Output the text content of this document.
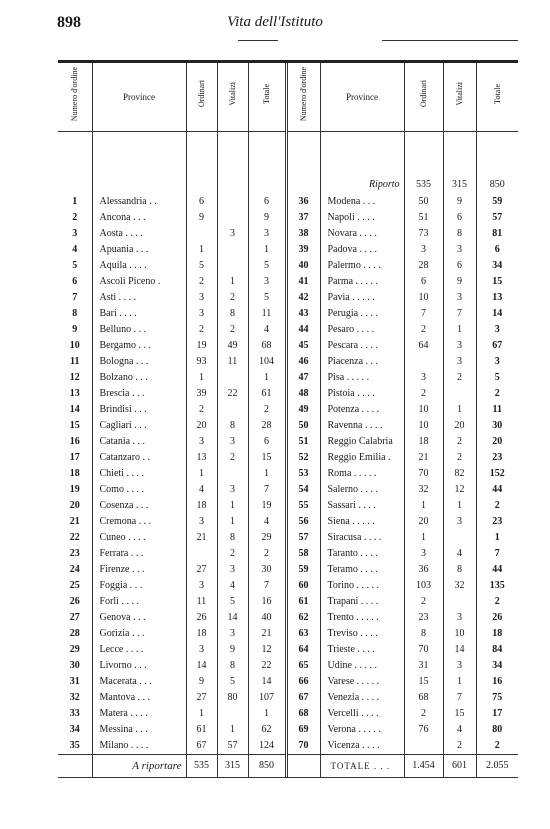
898	Vita dell'Istituto
Numero d'ordine	Province	Ordinari	Vitalizi	Totale	Numero d'ordine	Province	Ordinari	Vitalizi	Totale

						Riporto	535	315	850
1	Alessandria . .	6		6	36	Modena . . .	50	9	59
2	Ancona . . .	9		9	37	Napoli . . . .	51	6	57
3	Aosta . . . .		3	3	38	Novara . . . .	73	8	81
4	Apuania . . .	1		1	39	Padova . . . .	3	3	6
5	Aquila . . . .	5		5	40	Palermo . . . .	28	6	34
6	Ascoli Piceno .	2	1	3	41	Parma . . . . .	6	9	15
7	Asti . . . .	3	2	5	42	Pavia . . . . .	10	3	13
8	Bari . . . .	3	8	11	43	Perugia . . . .	7	7	14
9	Belluno . . .	2	2	4	44	Pesaro . . . .	2	1	3
10	Bergamo . . .	19	49	68	45	Pescara . . . .	64	3	67
11	Bologna . . .	93	11	104	46	Piacenza . . .		3	3
12	Bolzano . . .	1		1	47	Pisa . . . . .	3	2	5
13	Brescia . . .	39	22	61	48	Pistoia . . . .	2		2
14	Brindisi . . .	2		2	49	Potenza . . . .	10	1	11
15	Cagliari . . .	20	8	28	50	Ravenna . . . .	10	20	30
16	Catania . . .	3	3	6	51	Reggio Calabria	18	2	20
17	Catanzaro . .	13	2	15	52	Reggio Emilia .	21	2	23
18	Chieti . . . .	1		1	53	Roma . . . . .	70	82	152
19	Como . . . .	4	3	7	54	Salerno . . . .	32	12	44
20	Cosenza . . .	18	1	19	55	Sassari . . . .	1	1	2
21	Cremona . . .	3	1	4	56	Siena . . . . .	20	3	23
22	Cuneo . . . .	21	8	29	57	Siracusa . . . .	1		1
23	Ferrara . . .		2	2	58	Taranto . . . .	3	4	7
24	Firenze . . .	27	3	30	59	Teramo . . . .	36	8	44
25	Foggia . . .	3	4	7	60	Torino . . . . .	103	32	135
26	Forlì . . . .	11	5	16	61	Trapani . . . .	2		2
27	Genova . . .	26	14	40	62	Trento . . . . .	23	3	26
28	Gorizia . . .	18	3	21	63	Treviso . . . .	8	10	18
29	Lecce . . . .	3	9	12	64	Trieste . . . .	70	14	84
30	Livorno . . .	14	8	22	65	Udine . . . . .	31	3	34
31	Macerata . . .	9	5	14	66	Varese . . . . .	15	1	16
32	Mantova . . .	27	80	107	67	Venezia . . . .	68	7	75
33	Matera . . . .	1		1	68	Vercelli . . . .	2	15	17
34	Messina . . .	61	1	62	69	Verona . . . . .	76	4	80
35	Milano . . . .	67	57	124	70	Vicenza . . . .		2	2
	A riportare	535	315	850		TOTALE . . .	1.454	601	2.055
